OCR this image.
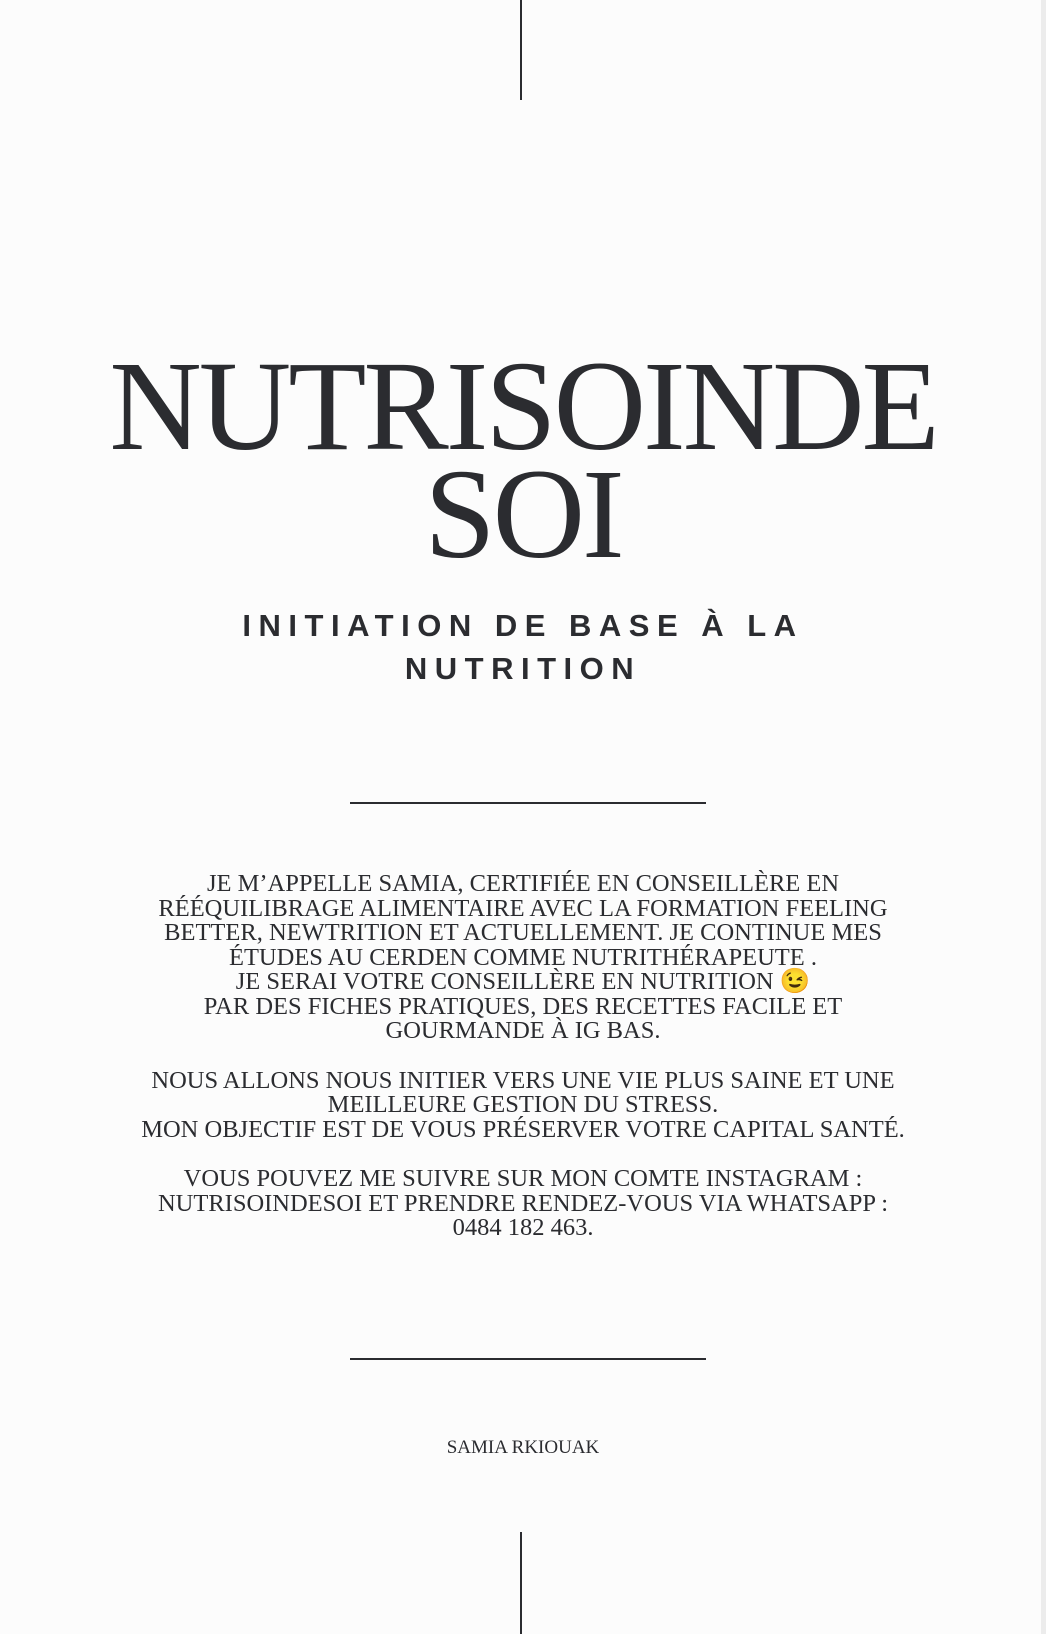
NUTRISOINDE
SOI
INITIATION DE BASE À LA
NUTRITION

JE M’APPELLE SAMIA, CERTIFIÉE EN CONSEILLÈRE EN
RÉÉQUILIBRAGE ALIMENTAIRE AVEC LA FORMATION FEELING
BETTER, NEWTRITION ET ACTUELLEMENT. JE CONTINUE MES
ÉTUDES AU CERDEN COMME NUTRITHÉRAPEUTE .
JE SERAI VOTRE CONSEILLÈRE EN NUTRITION 😉
PAR DES FICHES PRATIQUES, DES RECETTES FACILE ET
GOURMANDE À IG BAS.

NOUS ALLONS NOUS INITIER VERS UNE VIE PLUS SAINE ET UNE
MEILLEURE GESTION DU STRESS.
MON OBJECTIF EST DE VOUS PRÉSERVER VOTRE CAPITAL SANTÉ.

VOUS POUVEZ ME SUIVRE SUR MON COMTE INSTAGRAM :
NUTRISOINDESOI ET PRENDRE RENDEZ-VOUS VIA WHATSAPP :
0484 182 463.

SAMIA RKIOUAK
